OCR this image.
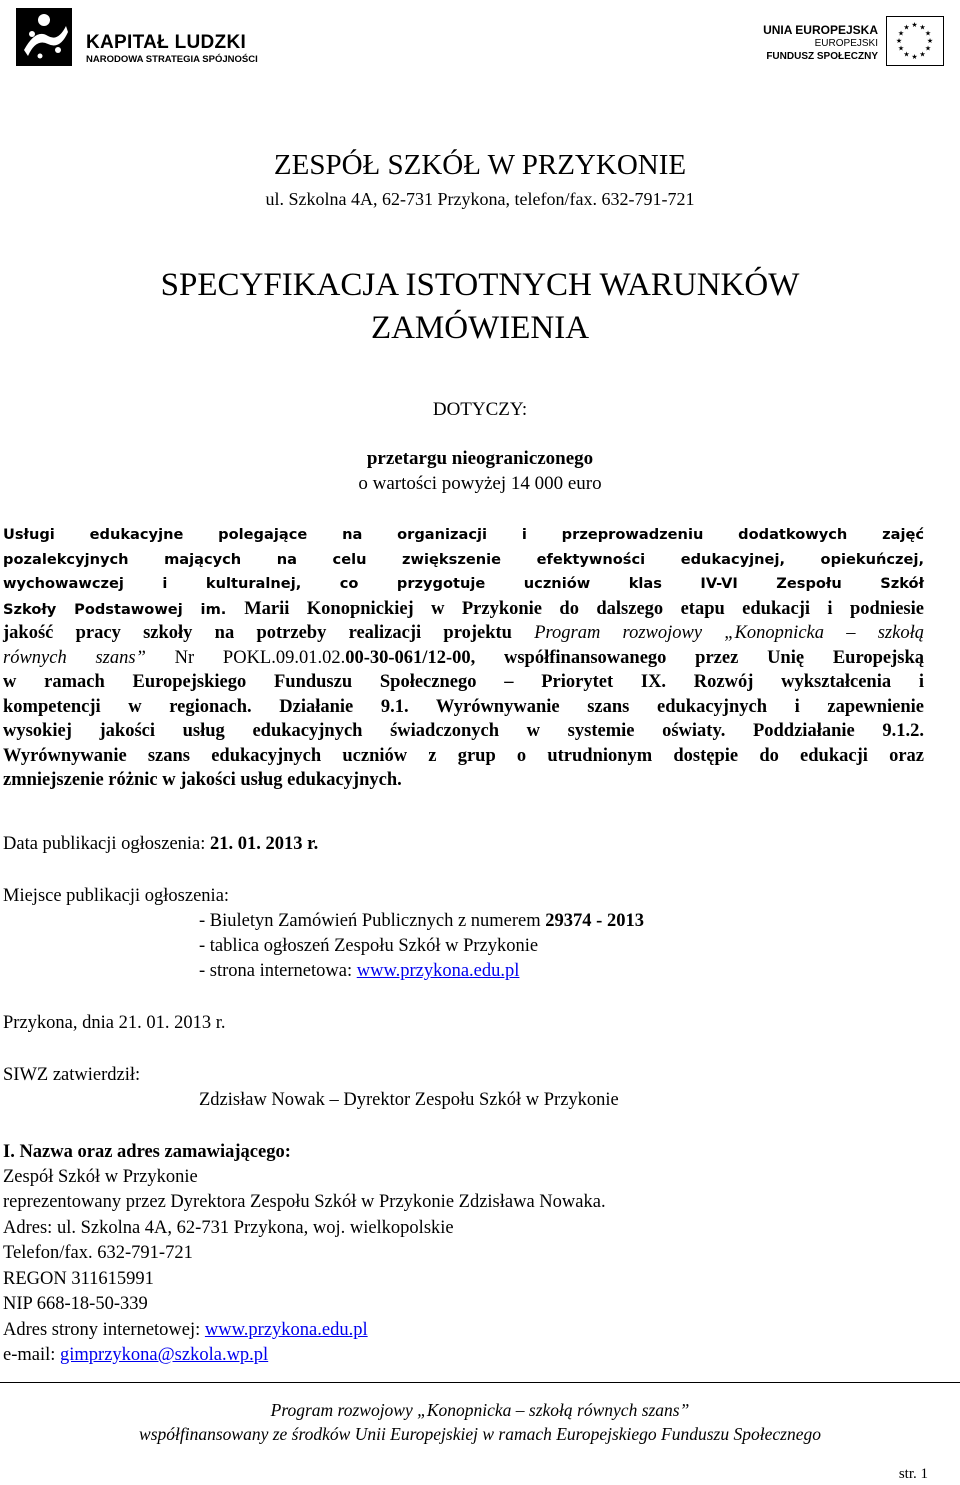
KAPITAŁ LUDZKI
NARODOWA STRATEGIA SPÓJNOŚCI
UNIA EUROPEJSKA
EUROPEJSKI
FUNDUSZ SPOŁECZNY
★ ★
★
★
★
★
★
★
★
★
★
★
ZESPÓŁ SZKÓŁ W PRZYKONIE
ul. Szkolna 4A, 62-731 Przykona, telefon/fax. 632-791-721
SPECYFIKACJA ISTOTNYCH WARUNKÓW
ZAMÓWIENIA
DOTYCZY:
przetargu nieograniczonego
o wartości powyżej 14 000 euro
Usługi edukacyjne polegające na organizacji i przeprowadzeniu dodatkowych zajęć
pozalekcyjnych mających na celu zwiększenie efektywności edukacyjnej, opiekuńczej,
wychowawczej i kulturalnej, co przygotuje uczniów klas IV-VI Zespołu Szkół
Szkoły Podstawowej im. Marii Konopnickiej w Przykonie do dalszego etapu edukacji i podniesie
jakość pracy szkoły na potrzeby realizacji projektu Program rozwojowy „Konopnicka – szkołą
równych szans” Nr POKL.09.01.02.00-30-061/12-00, współfinansowanego przez Unię Europejską
w ramach Europejskiego Funduszu Społecznego – Priorytet IX. Rozwój wykształcenia i
kompetencji w regionach. Działanie 9.1. Wyrównywanie szans edukacyjnych i zapewnienie
wysokiej jakości usług edukacyjnych świadczonych w systemie oświaty. Poddziałanie 9.1.2.
Wyrównywanie szans edukacyjnych uczniów z grup o utrudnionym dostępie do edukacji oraz
zmniejszenie różnic w jakości usług edukacyjnych.
Data publikacji ogłoszenia: 21. 01. 2013 r.
Miejsce publikacji ogłoszenia:
- Biuletyn Zamówień Publicznych z numerem 29374 - 2013
- tablica ogłoszeń Zespołu Szkół w Przykonie
- strona internetowa: www.przykona.edu.pl
Przykona, dnia 21. 01. 2013 r.
SIWZ zatwierdził:
Zdzisław Nowak – Dyrektor Zespołu Szkół w Przykonie
I. Nazwa oraz adres zamawiającego:
Zespół Szkół w Przykonie
reprezentowany przez Dyrektora Zespołu Szkół w Przykonie Zdzisława Nowaka.
Adres: ul. Szkolna 4A, 62-731 Przykona, woj. wielkopolskie
Telefon/fax. 632-791-721
REGON 311615991
NIP 668-18-50-339
Adres strony internetowej: www.przykona.edu.pl
e-mail: gimprzykona@szkola.wp.pl
Program rozwojowy „Konopnicka – szkołą równych szans”
współfinansowany ze środków Unii Europejskiej w ramach Europejskiego Funduszu Społecznego
str. 1
